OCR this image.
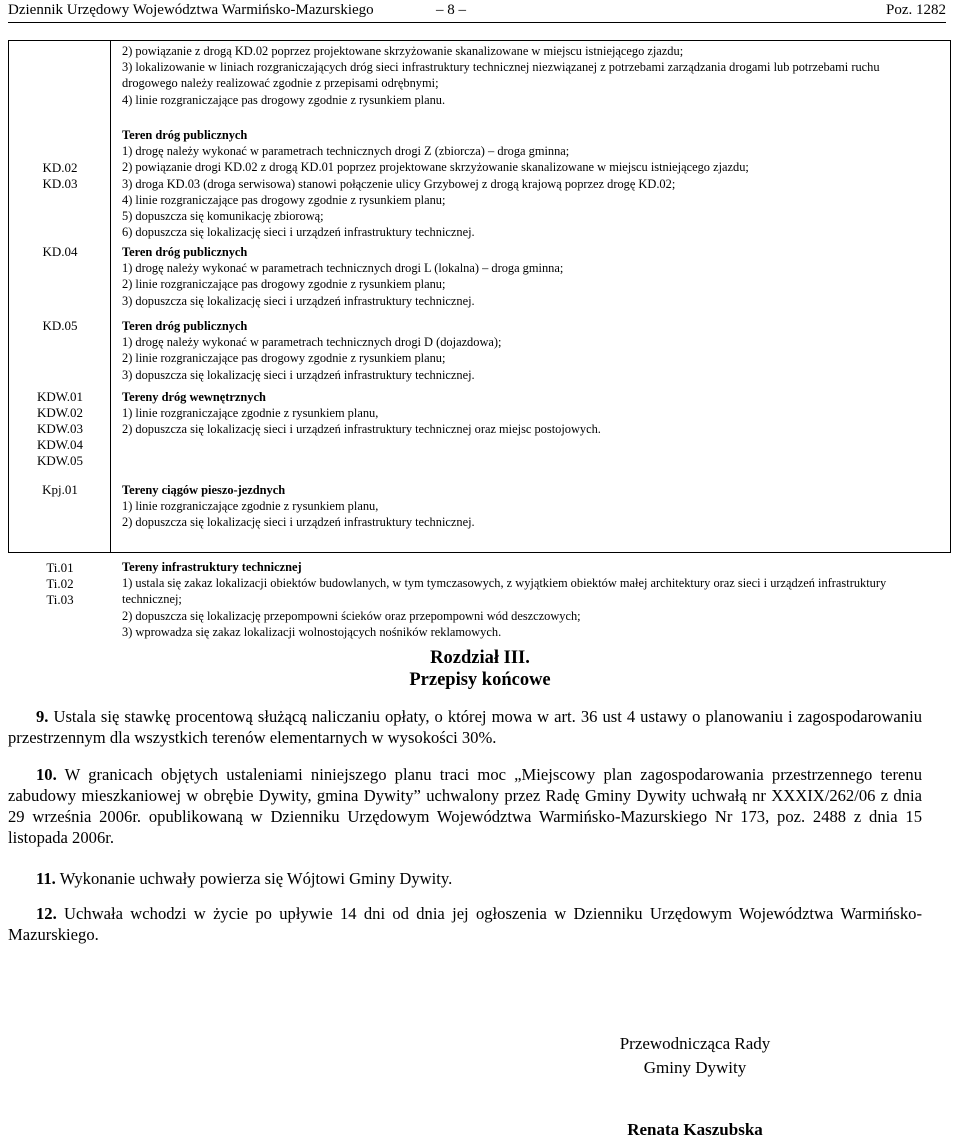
Dziennik Urzędowy Województwa Warmińsko-Mazurskiego	– 8 –	Poz. 1282
KD.02
KD.03
KD.04
KD.05
KDW.01
KDW.02
KDW.03
KDW.04
KDW.05
Kpj.01
2) powiązanie z drogą KD.02 poprzez projektowane skrzyżowanie skanalizowane w miejscu istniejącego zjazdu;
3) lokalizowanie w liniach rozgraniczających dróg sieci infrastruktury technicznej niezwiązanej z potrzebami zarządzania drogami lub potrzebami ruchu drogowego należy realizować zgodnie z przepisami odrębnymi;
4) linie rozgraniczające pas drogowy zgodnie z rysunkiem planu.
Teren dróg publicznych
1) drogę należy wykonać w parametrach technicznych drogi Z (zbiorcza) – droga gminna;
2) powiązanie drogi KD.02 z drogą KD.01 poprzez projektowane skrzyżowanie skanalizowane w miejscu istniejącego zjazdu;
3) droga KD.03 (droga serwisowa) stanowi połączenie ulicy Grzybowej z drogą krajową poprzez drogę KD.02;
4) linie rozgraniczające pas drogowy zgodnie z rysunkiem planu;
5) dopuszcza się komunikację zbiorową;
6) dopuszcza się lokalizację sieci i urządzeń infrastruktury technicznej.
Teren dróg publicznych
1) drogę należy wykonać w parametrach technicznych drogi L (lokalna) – droga gminna;
2) linie rozgraniczające pas drogowy zgodnie z rysunkiem planu;
3) dopuszcza się lokalizację sieci i urządzeń infrastruktury technicznej.
Teren dróg publicznych
1) drogę należy wykonać w parametrach technicznych drogi D (dojazdowa);
2) linie rozgraniczające pas drogowy zgodnie z rysunkiem planu;
3) dopuszcza się lokalizację sieci i urządzeń infrastruktury technicznej.
Tereny dróg wewnętrznych
1) linie rozgraniczające zgodnie z rysunkiem planu,
2) dopuszcza się lokalizację sieci i urządzeń infrastruktury technicznej oraz miejsc postojowych.
Tereny ciągów pieszo-jezdnych
1) linie rozgraniczające zgodnie z rysunkiem planu,
2) dopuszcza się lokalizację sieci i urządzeń infrastruktury technicznej.
Ti.01
Ti.02
Ti.03
Tereny infrastruktury technicznej
1) ustala się zakaz lokalizacji obiektów budowlanych, w tym tymczasowych, z wyjątkiem obiektów małej architektury oraz sieci i urządzeń infrastruktury technicznej;
2) dopuszcza się lokalizację przepompowni ścieków oraz przepompowni wód deszczowych;
3) wprowadza się zakaz lokalizacji wolnostojących nośników reklamowych.
Rozdział III.
Przepisy końcowe
9. Ustala się stawkę procentową służącą naliczaniu opłaty, o której mowa w art. 36 ust 4 ustawy o planowaniu i zagospodarowaniu przestrzennym dla wszystkich terenów elementarnych w wysokości 30%.
10. W granicach objętych ustaleniami niniejszego planu traci moc „Miejscowy plan zagospodarowania przestrzennego terenu zabudowy mieszkaniowej w obrębie Dywity, gmina Dywity” uchwalony przez Radę Gminy Dywity uchwałą nr XXXIX/262/06 z dnia 29 września 2006r. opublikowaną w Dzienniku Urzędowym Województwa Warmińsko-Mazurskiego Nr 173, poz. 2488 z dnia 15 listopada 2006r.
11. Wykonanie uchwały powierza się Wójtowi Gminy Dywity.
12. Uchwała wchodzi w życie po upływie 14 dni od dnia jej ogłoszenia w Dzienniku Urzędowym Województwa Warmińsko-Mazurskiego.
Przewodnicząca Rady
Gminy Dywity
Renata Kaszubska
